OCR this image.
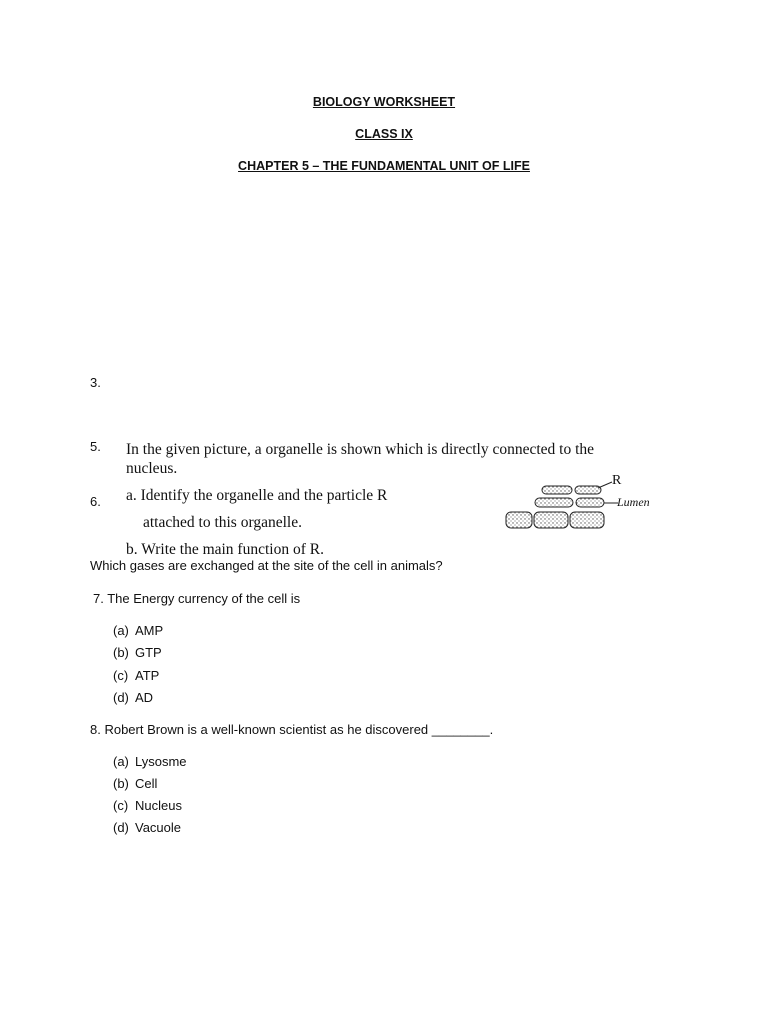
BIOLOGY WORKSHEET
CLASS IX
CHAPTER 5 – THE FUNDAMENTAL UNIT OF LIFE
3.
5. In the given picture, a organelle is shown which is directly connected to the
nucleus.
6. a. Identify the organelle and the particle R
attached to this organelle.
b. Write the main function of R.
R
Lumen
Which gases are exchanged at the site of the cell in animals?
7. The Energy currency of the cell is
(a) AMP
(b) GTP
(c) ATP
(d) AD
8. Robert Brown is a well-known scientist as he discovered ________.
(a) Lysosme
(b) Cell
(c) Nucleus
(d) Vacuole
